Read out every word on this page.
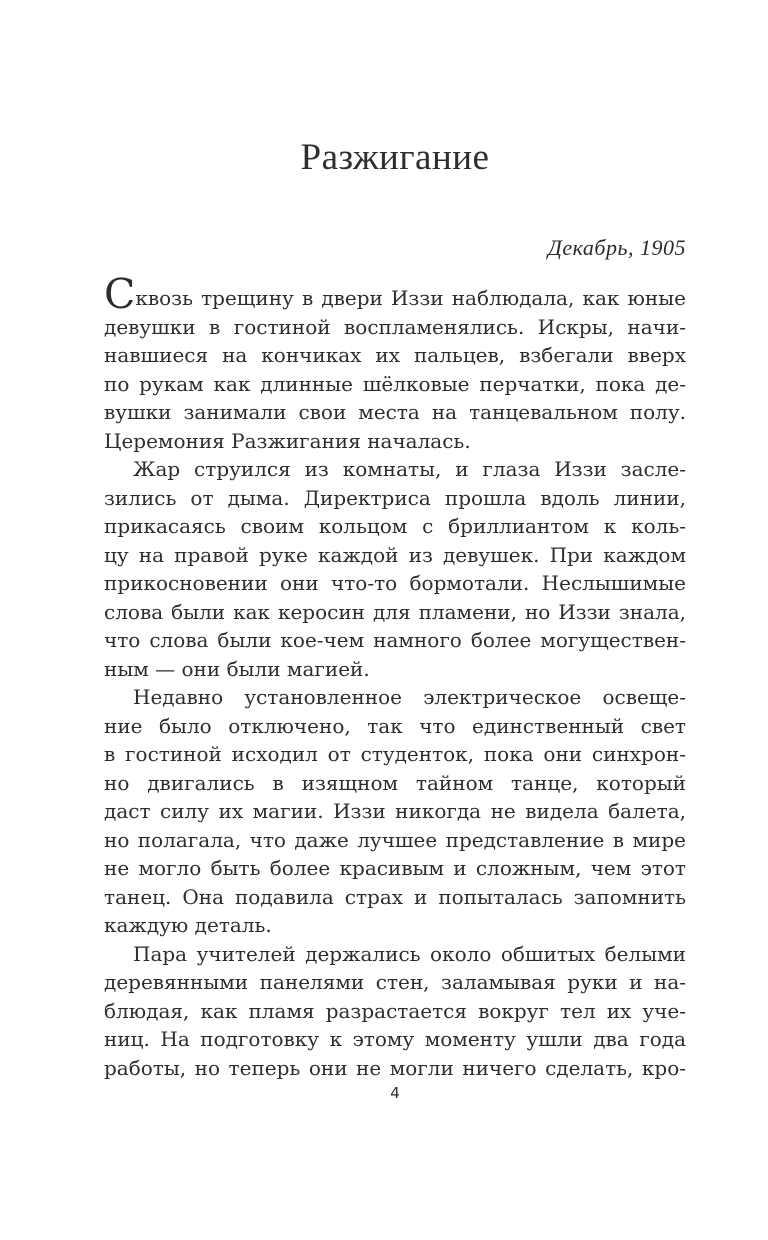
Разжигание
Декабрь, 1905
Сквозь трещину в двери Иззи наблюдала, как юные
девушки в гостиной воспламенялись. Искры, начи-
навшиеся на кончиках их пальцев, взбегали вверх
по рукам как длинные шёлковые перчатки, пока де-
вушки занимали свои места на танцевальном полу.
Церемония Разжигания началась.
Жар струился из комнаты, и глаза Иззи засле-
зились от дыма. Директриса прошла вдоль линии,
прикасаясь своим кольцом с бриллиантом к коль-
цу на правой руке каждой из девушек. При каждом
прикосновении они что-то бормотали. Неслышимые
слова были как керосин для пламени, но Иззи знала,
что слова были кое-чем намного более могуществен-
ным — они были магией.
Недавно установленное электрическое освеще-
ние было отключено, так что единственный свет
в гостиной исходил от студенток, пока они синхрон-
но двигались в изящном тайном танце, который
даст силу их магии. Иззи никогда не видела балета,
но полагала, что даже лучшее представление в мире
не могло быть более красивым и сложным, чем этот
танец. Она подавила страх и попыталась запомнить
каждую деталь.
Пара учителей держались около обшитых белыми
деревянными панелями стен, заламывая руки и на-
блюдая, как пламя разрастается вокруг тел их уче-
ниц. На подготовку к этому моменту ушли два года
работы, но теперь они не могли ничего сделать, кро-
4
